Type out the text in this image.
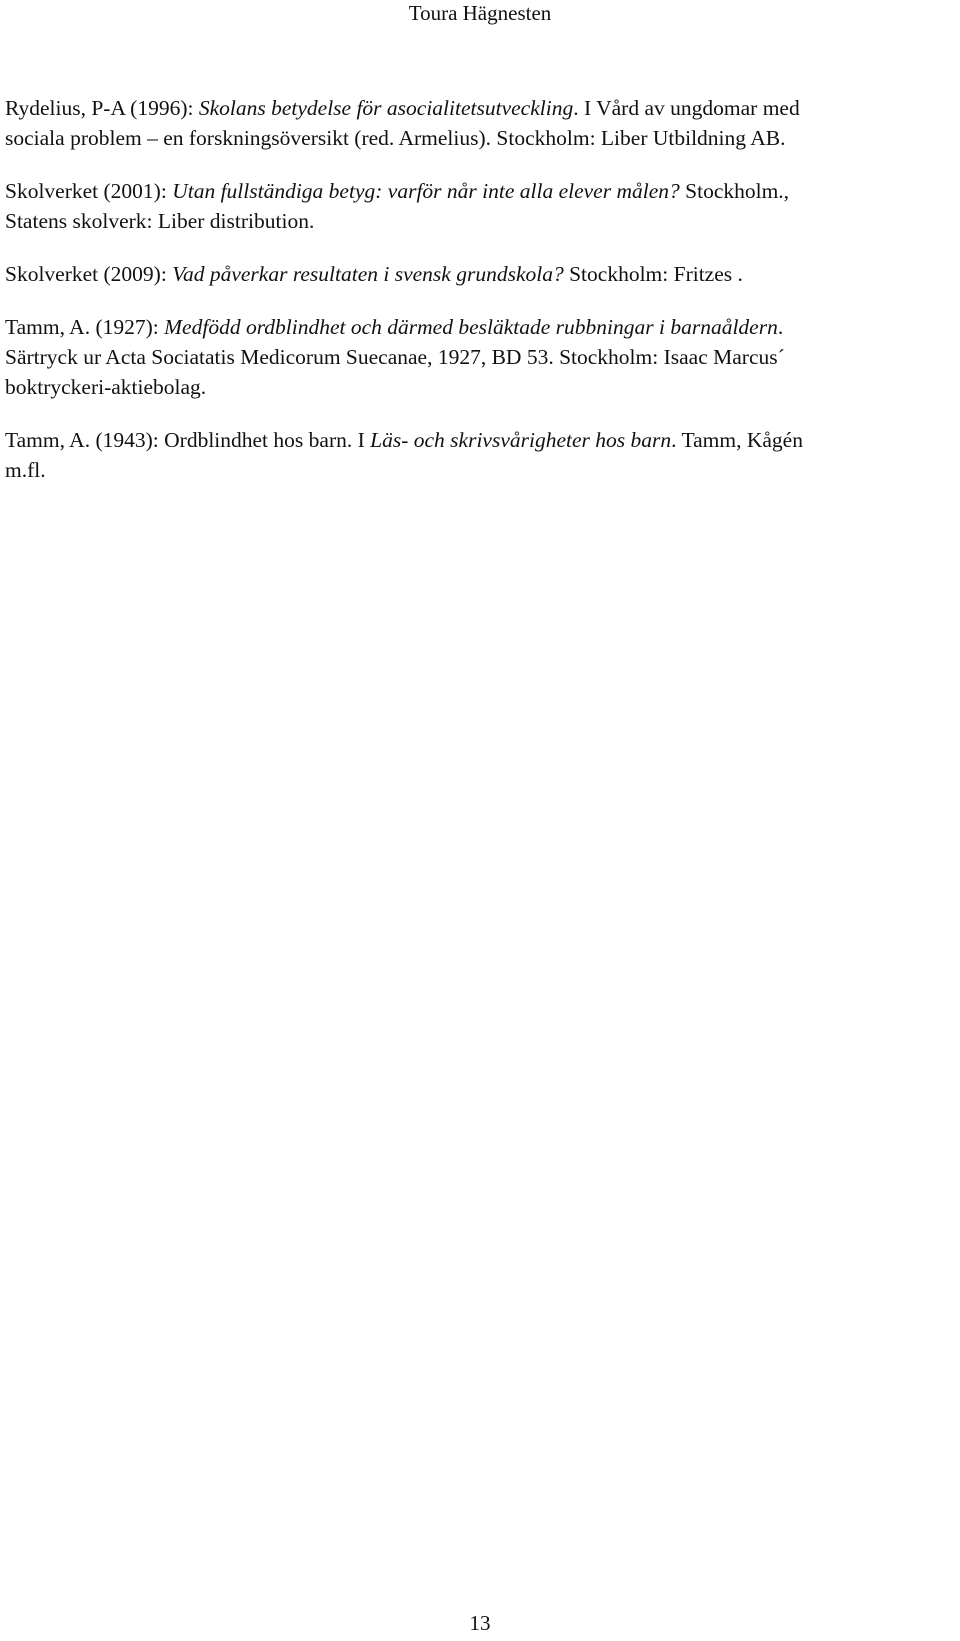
Toura Hägnesten

Rydelius, P-A (1996): Skolans betydelse för asocialitetsutveckling. I Vård av ungdomar med
sociala problem – en forskningsöversikt (red. Armelius). Stockholm: Liber Utbildning AB.

Skolverket (2001): Utan fullständiga betyg: varför når inte alla elever målen? Stockholm.,
Statens skolverk: Liber distribution.

Skolverket (2009): Vad påverkar resultaten i svensk grundskola? Stockholm: Fritzes .

Tamm, A. (1927): Medfödd ordblindhet och därmed besläktade rubbningar i barnaåldern.
Särtryck ur Acta Sociatatis Medicorum Suecanae, 1927, BD 53. Stockholm: Isaac Marcus´
boktryckeri-aktiebolag.

Tamm, A. (1943): Ordblindhet hos barn. I Läs- och skrivsvårigheter hos barn. Tamm, Kågén
m.fl.

13
